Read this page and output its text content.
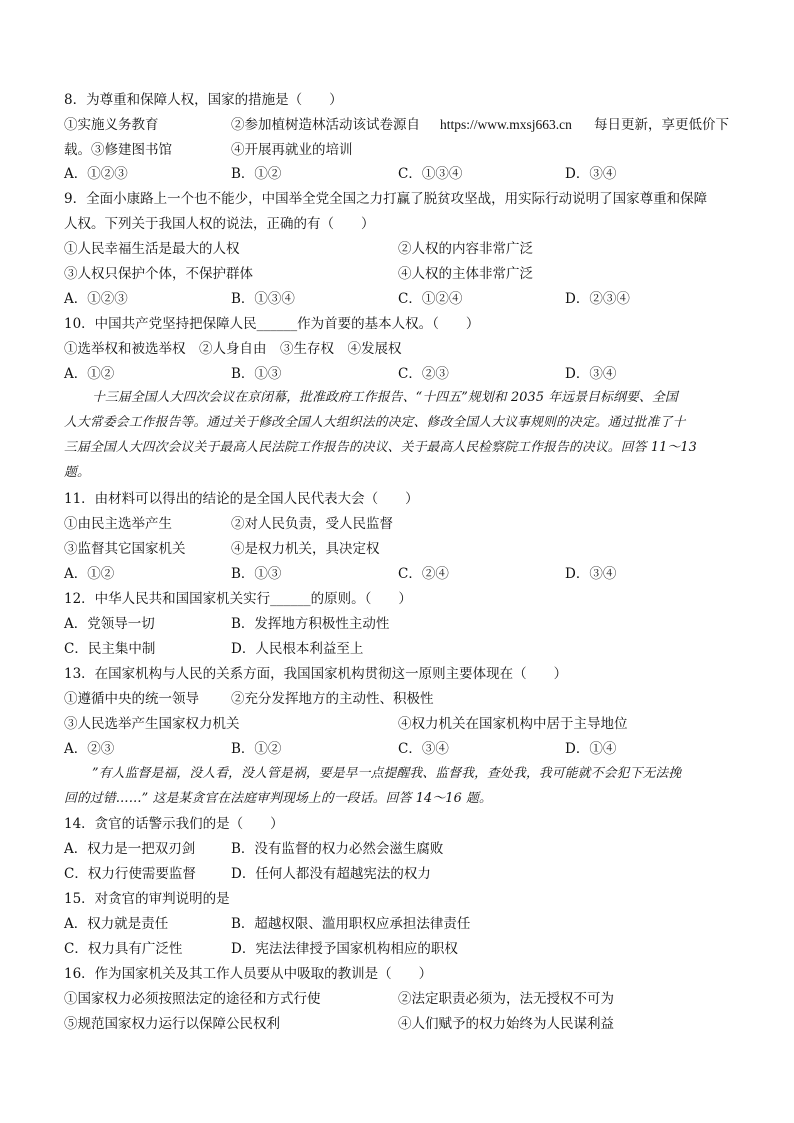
8．为尊重和保障人权，国家的措施是（　　）
①实施义务教育	②参加植树造林活动该试卷源自 https://www.mxsj663.cn 每日更新，享更低价下
载。③修建图书馆	④开展再就业的培训
A．①②③	B．①②	C．①③④	D．③④
9．全面小康路上一个也不能少，中国举全党全国之力打赢了脱贫攻坚战，用实际行动说明了国家尊重和保障
人权。下列关于我国人权的说法，正确的有（　　）
①人民幸福生活是最大的人权	②人权的内容非常广泛
③人权只保护个体，不保护群体	④人权的主体非常广泛
A．①②③	B．①③④	C．①②④	D．②③④
10．中国共产党坚持把保障人民______作为首要的基本人权。（　　）
①选举权和被选举权　②人身自由　③生存权　④发展权
A．①②	B．①③	C．②③	D．③④
十三届全国人大四次会议在京闭幕，批准政府工作报告、“十四五”规划和 2035 年远景目标纲要、全国
人大常委会工作报告等。通过关于修改全国人大组织法的决定、修改全国人大议事规则的决定。通过批准了十
三届全国人大四次会议关于最高人民法院工作报告的决议、关于最高人民检察院工作报告的决议。回答 11～13
题。
11．由材料可以得出的结论的是全国人民代表大会（　　）
①由民主选举产生	②对人民负责，受人民监督
③监督其它国家机关	④是权力机关，具决定权
A．①②	B．①③	C．②④	D．③④
12．中华人民共和国国家机关实行______的原则。（　　）
A．党领导一切	B．发挥地方积极性主动性
C．民主集中制	D．人民根本利益至上
13．在国家机构与人民的关系方面，我国国家机构贯彻这一原则主要体现在（　　）
①遵循中央的统一领导 ②充分发挥地方的主动性、积极性
③人民选举产生国家权力机关	④权力机关在国家机构中居于主导地位
A．②③	B．①②	C．③④	D．①④
”有人监督是福，没人看，没人管是祸，要是早一点提醒我、监督我，查处我，我可能就不会犯下无法挽
回的过错……” 这是某贪官在法庭审判现场上的一段话。回答 14～16 题。
14．贪官的话警示我们的是（　　）
A．权力是一把双刃剑	B．没有监督的权力必然会滋生腐败
C．权力行使需要监督	D．任何人都没有超越宪法的权力
15．对贪官的审判说明的是
A．权力就是责任	B．超越权限、滥用职权应承担法律责任
C．权力具有广泛性	D．宪法法律授予国家机构相应的职权
16．作为国家机关及其工作人员要从中吸取的教训是（　　）
①国家权力必须按照法定的途径和方式行使	②法定职责必须为，法无授权不可为
⑤规范国家权力运行以保障公民权利	④人们赋予的权力始终为人民谋利益
